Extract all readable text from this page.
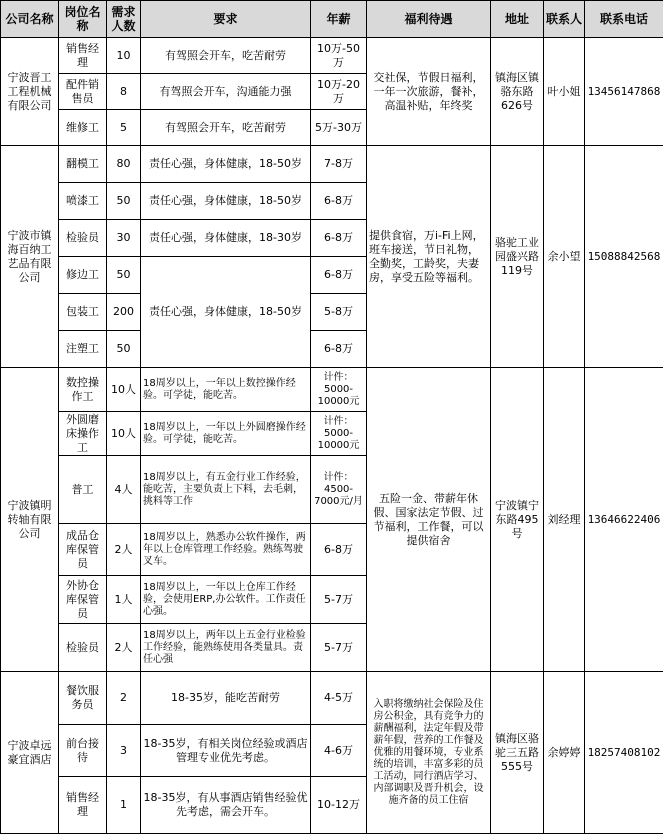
公司名称	岗位名称	需求人数	要求	年薪	福利待遇	地址	联系人	联系电话
宁波晋工工程机械有限公司	销售经理	10	有驾照会开车，吃苦耐劳	10万-50万	交社保，节假日福利，一年一次旅游，餐补，高温补贴，年终奖	镇海区镇骆东路626号	叶小姐	13456147868
	配件销售员	8	有驾照会开车，沟通能力强	10万-20万				
	维修工	5	有驾照会开车，吃苦耐劳	5万-30万				
宁波市镇海百纳工艺品有限公司	翻模工	80	责任心强，身体健康，18-50岁	7-8万	提供食宿，万i-Fi上网，班车接送，节日礼物，全勤奖，工龄奖，夫妻房，享受五险等福利。	骆驼工业园盛兴路119号	余小望	15088842568
	喷漆工	50	责任心强，身体健康，18-50岁	6-8万				
	检验员	30	责任心强，身体健康，18-30岁	6-8万				
	修边工	50	责任心强，身体健康，18-50岁	6-8万				
	包装工	200		5-8万				
	注塑工	50		6-8万				
宁波镇明转轴有限公司	数控操作工	10人	18周岁以上，一年以上数控操作经验。可学徒，能吃苦。	计件：5000-10000元	五险一金、带薪年休假、国家法定节假、过节福利，工作餐，可以提供宿舍	宁波镇宁东路495号	刘经理	13646622406
	外圆磨床操作工	10人	18周岁以上，一年以上外圆磨操作经验。可学徒，能吃苦。	计件：5000-10000元				
	普工	4人	18周岁以上，有五金行业工作经验，能吃苦，主要负责上下料，去毛刺，挑料等工作	计件：4500-7000元/月				
	成品仓库保管员	2人	18周岁以上，熟悉办公软件操作，两年以上仓库管理工作经验。熟练驾驶叉车。	6-8万				
	外协仓库保管员	1人	18周岁以上，一年以上仓库工作经验，会使用ERP,办公软件。工作责任心强。	5-7万				
	检验员	2人	18周岁以上，两年以上五金行业检验工作经验，能熟练使用各类量具。责任心强	5-7万				
宁波卓远豪宜酒店	餐饮服务员	2	18-35岁，能吃苦耐劳	4-5万	入职将缴纳社会保险及住房公积金，具有竞争力的薪酬福利，法定年假及带薪年假，营养的工作餐及优雅的用餐环境，专业系统的培训，丰富多彩的员工活动，同行酒店学习、内部调职及晋升机会，设施齐备的员工住宿	镇海区骆驼三五路555号	余婷婷	18257408102
	前台接待	3	18-35岁，有相关岗位经验或酒店管理专业优先考虑。	4-6万				
	销售经理	1	18-35岁，有从事酒店销售经验优先考虑，需会开车。	10-12万				
